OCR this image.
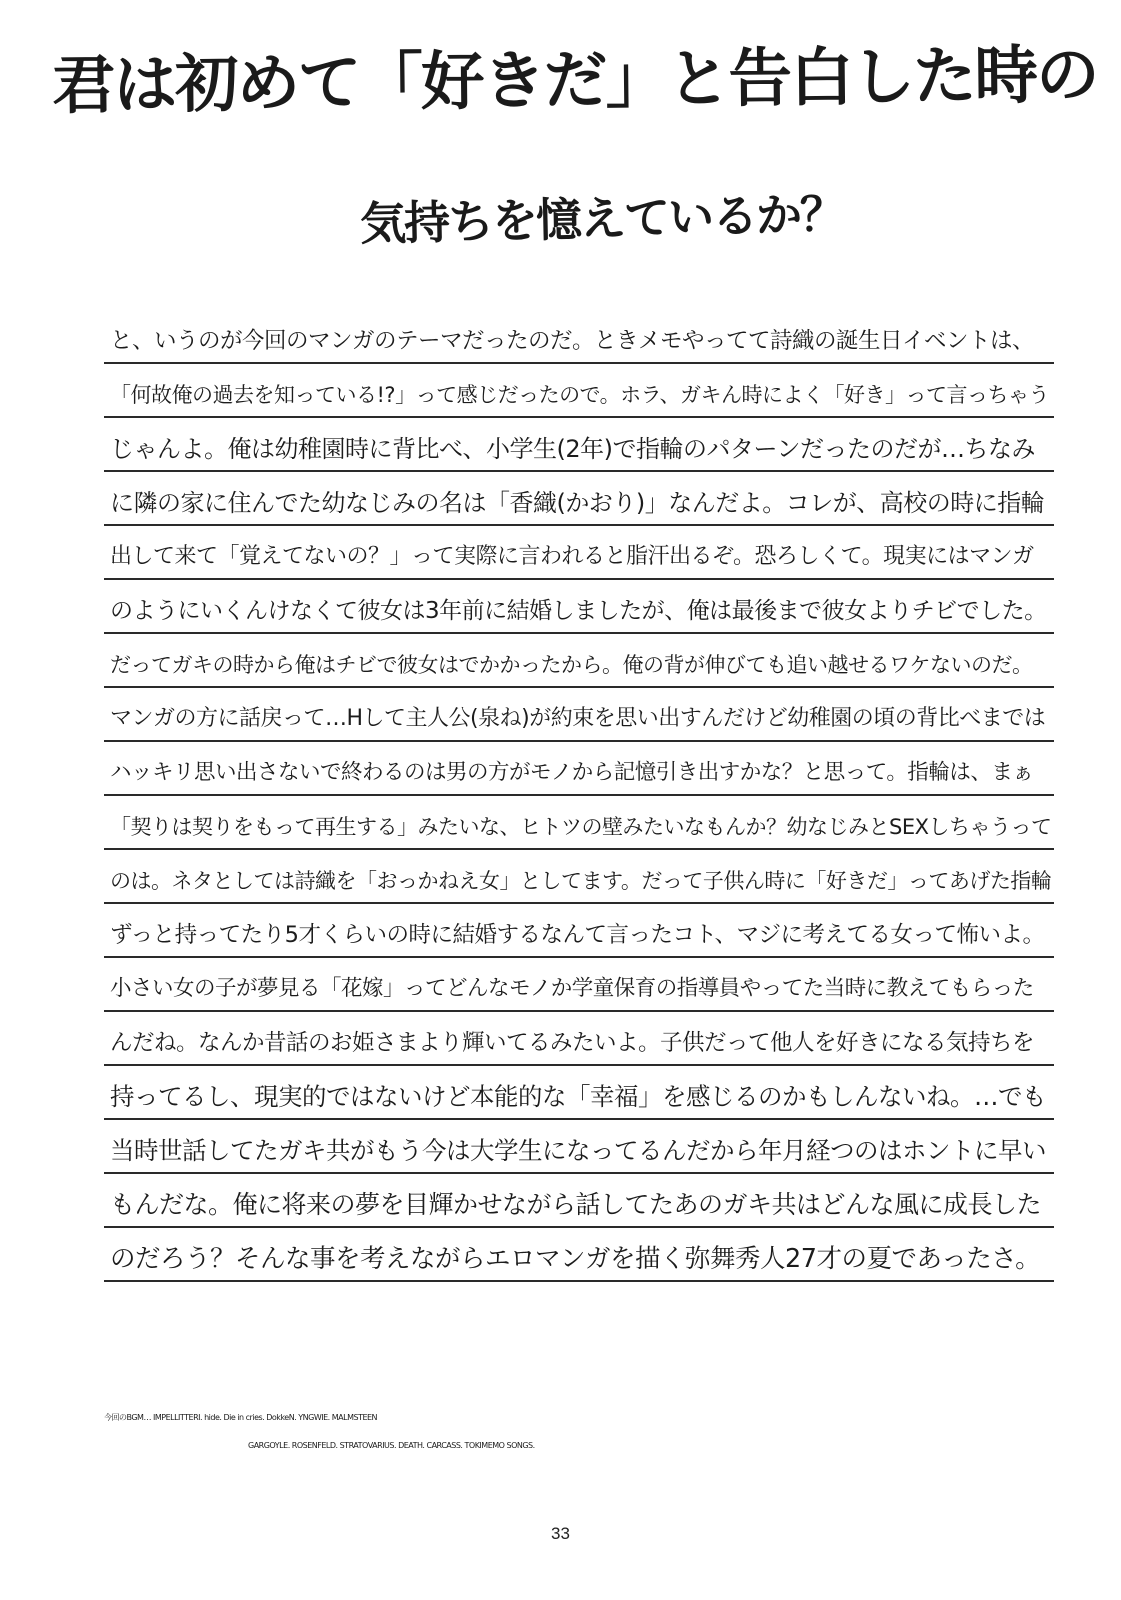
君は初めて「好きだ」と告白した時の
気持ちを憶えているか？
と、いうのが今回のマンガのテーマだったのだ。ときメモやってて詩織の誕生日イベントは、
「何故俺の過去を知っている!?」って感じだったので。ホラ、ガキん時によく「好き」って言っちゃう
じゃんよ。俺は幼稚園時に背比べ、小学生(2年)で指輪のパターンだったのだが…ちなみ
に隣の家に住んでた幼なじみの名は「香織(かおり)」なんだよ。コレが、高校の時に指輪
出して来て「覚えてないの？」って実際に言われると脂汗出るぞ。恐ろしくて。現実にはマンガ
のようにいくんけなくて彼女は3年前に結婚しましたが、俺は最後まで彼女よりチビでした。
だってガキの時から俺はチビで彼女はでかかったから。俺の背が伸びても追い越せるワケないのだ。
マンガの方に話戻って…Hして主人公(泉ね)が約束を思い出すんだけど幼稚園の頃の背比べまでは
ハッキリ思い出さないで終わるのは男の方がモノから記憶引き出すかな？と思って。指輪は、まぁ
「契りは契りをもって再生する」みたいな、ヒトツの壁みたいなもんか？幼なじみとSEXしちゃうって
のは。ネタとしては詩織を「おっかねえ女」としてます。だって子供ん時に「好きだ」ってあげた指輪
ずっと持ってたり5才くらいの時に結婚するなんて言ったコト、マジに考えてる女って怖いよ。
小さい女の子が夢見る「花嫁」ってどんなモノか学童保育の指導員やってた当時に教えてもらった
んだね。なんか昔話のお姫さまより輝いてるみたいよ。子供だって他人を好きになる気持ちを
持ってるし、現実的ではないけど本能的な「幸福」を感じるのかもしんないね。…でも
当時世話してたガキ共がもう今は大学生になってるんだから年月経つのはホントに早い
もんだな。俺に将来の夢を目輝かせながら話してたあのガキ共はどんな風に成長した
のだろう？そんな事を考えながらエロマンガを描く弥舞秀人27才の夏であったさ。
今回のBGM… IMPELLITTERI. hide. Die in cries. DokkeN. YNGWIE. MALMSTEEN
GARGOYLE. ROSENFELD. STRATOVARIUS. DEATH. CARCASS. TOKIMEMO SONGS.
33
